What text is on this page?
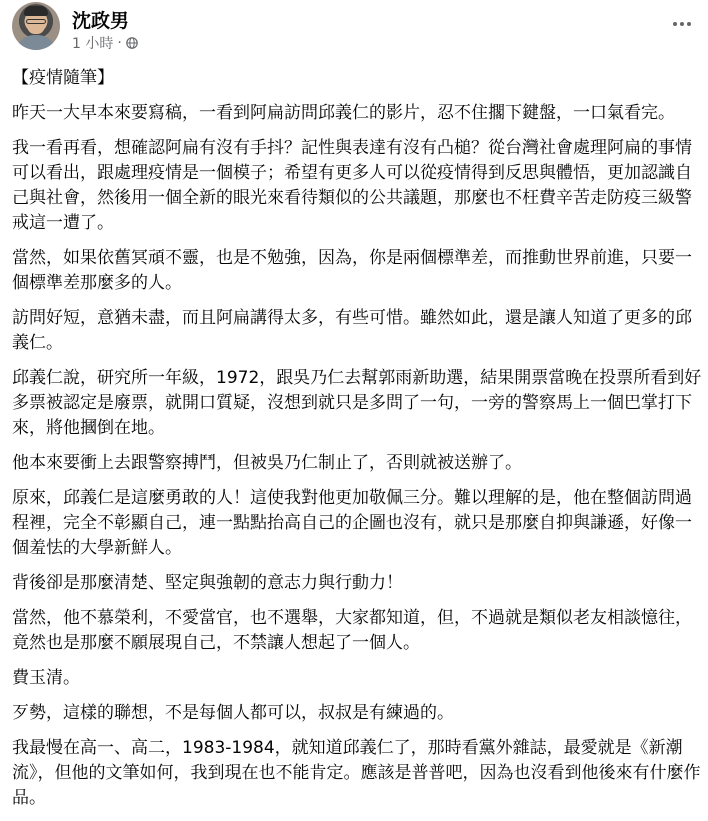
沈政男
1 小時 ·

【疫情隨筆】

昨天一大早本來要寫稿，一看到阿扁訪問邱義仁的影片，忍不住擱下鍵盤，一口氣看完。

我一看再看，想確認阿扁有沒有手抖？記性與表達有沒有凸槌？從台灣社會處理阿扁的事情可以看出，跟處理疫情是一個模子；希望有更多人可以從疫情得到反思與體悟，更加認識自己與社會，然後用一個全新的眼光來看待類似的公共議題，那麼也不枉費辛苦走防疫三級警戒這一遭了。

當然，如果依舊冥頑不靈，也是不勉強，因為，你是兩個標準差，而推動世界前進，只要一個標準差那麼多的人。

訪問好短，意猶未盡，而且阿扁講得太多，有些可惜。雖然如此，還是讓人知道了更多的邱義仁。

邱義仁說，研究所一年級，1972，跟吳乃仁去幫郭雨新助選，結果開票當晚在投票所看到好多票被認定是廢票，就開口質疑，沒想到就只是多問了一句，一旁的警察馬上一個巴掌打下來，將他摑倒在地。

他本來要衝上去跟警察搏鬥，但被吳乃仁制止了，否則就被送辦了。

原來，邱義仁是這麼勇敢的人！這使我對他更加敬佩三分。難以理解的是，他在整個訪問過程裡，完全不彰顯自己，連一點點抬高自己的企圖也沒有，就只是那麼自抑與謙遜，好像一個羞怯的大學新鮮人。

背後卻是那麼清楚、堅定與強韌的意志力與行動力！

當然，他不慕榮利，不愛當官，也不選舉，大家都知道，但，不過就是類似老友相談憶往，竟然也是那麼不願展現自己，不禁讓人想起了一個人。

費玉清。

歹勢，這樣的聯想，不是每個人都可以，叔叔是有練過的。

我最慢在高一、高二，1983-1984，就知道邱義仁了，那時看黨外雜誌，最愛就是《新潮流》，但他的文筆如何，我到現在也不能肯定。應該是普普吧，因為也沒看到他後來有什麼作品。
